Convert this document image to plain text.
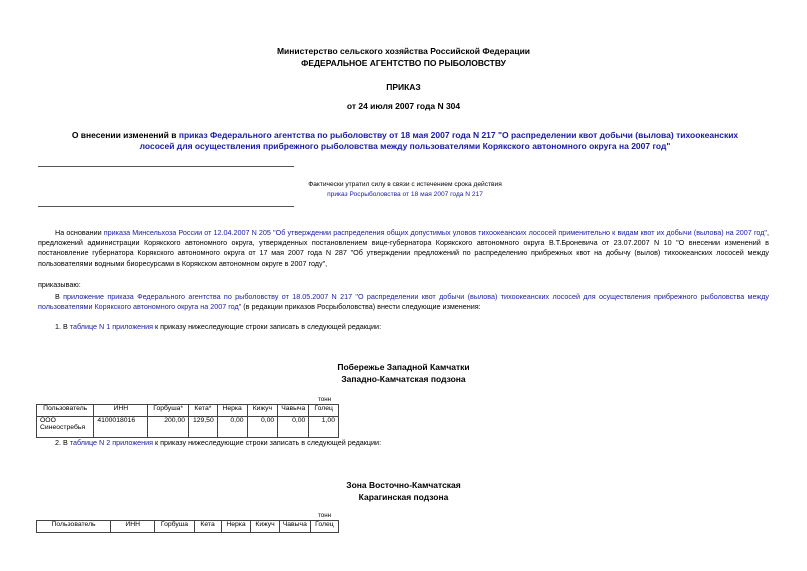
Министерство сельского хозяйства Российской Федерации
ФЕДЕРАЛЬНОЕ АГЕНТСТВО ПО РЫБОЛОВСТВУ
ПРИКАЗ
от 24 июля 2007 года N 304
О внесении изменений в приказ Федерального агентства по рыболовству от 18 мая 2007 года N 217 "О распределении квот добычи (вылова) тихоокеанских лососей для осуществления прибрежного рыболовства между пользователями Корякского автономного округа на 2007 год"
Фактически утратил силу в связи с истечением срока действия
приказ Росрыболовства от 18 мая 2007 года N 217
На основании приказа Минсельхоза России от 12.04.2007 N 205 "Об утверждении распределения общих допустимых уловов тихоокеанских лососей применительно к видам квот их добычи (вылова) на 2007 год", предложений администрации Корякского автономного округа, утвержденных постановлением вице-губернатора Корякского автономного округа В.Т.Броневича от 23.07.2007 N 10 "О внесении изменений в постановление губернатора Корякского автономного округа от 17 мая 2007 года N 287 "Об утверждении предложений по распределению прибрежных квот на добычу (вылов) тихоокеанских лососей между пользователями водными биоресурсами в Корякском автономном округе в 2007 году",
приказываю:
В приложение приказа Федерального агентства по рыболовству от 18.05.2007 N 217 "О распределении квот добычи (вылова) тихоокеанских лососей для осуществления прибрежного рыболовства между пользователями Корякского автономного округа на 2007 год" (в редакции приказов Росрыболовства) внести следующие изменения:
1. В таблице N 1 приложения к приказу нижеследующие строки записать в следующей редакции:
Побережье Западной Камчатки
Западно-Камчатская подзона
тонн
Пользователь	ИНН	Горбуша*	Кета*	Нерка	Кижуч	Чавыча	Голец
ООО Синеостребья	4100018016	200,00	129,50	0,00	0,00	0,00	1,00
2. В таблице N 2 приложения к приказу нижеследующие строки записать в следующей редакции:
Зона Восточно-Камчатская
Карагинская подзона
тонн
Пользователь	ИНН	Горбуша	Кета	Нерка	Кижуч	Чавыча	Голец
